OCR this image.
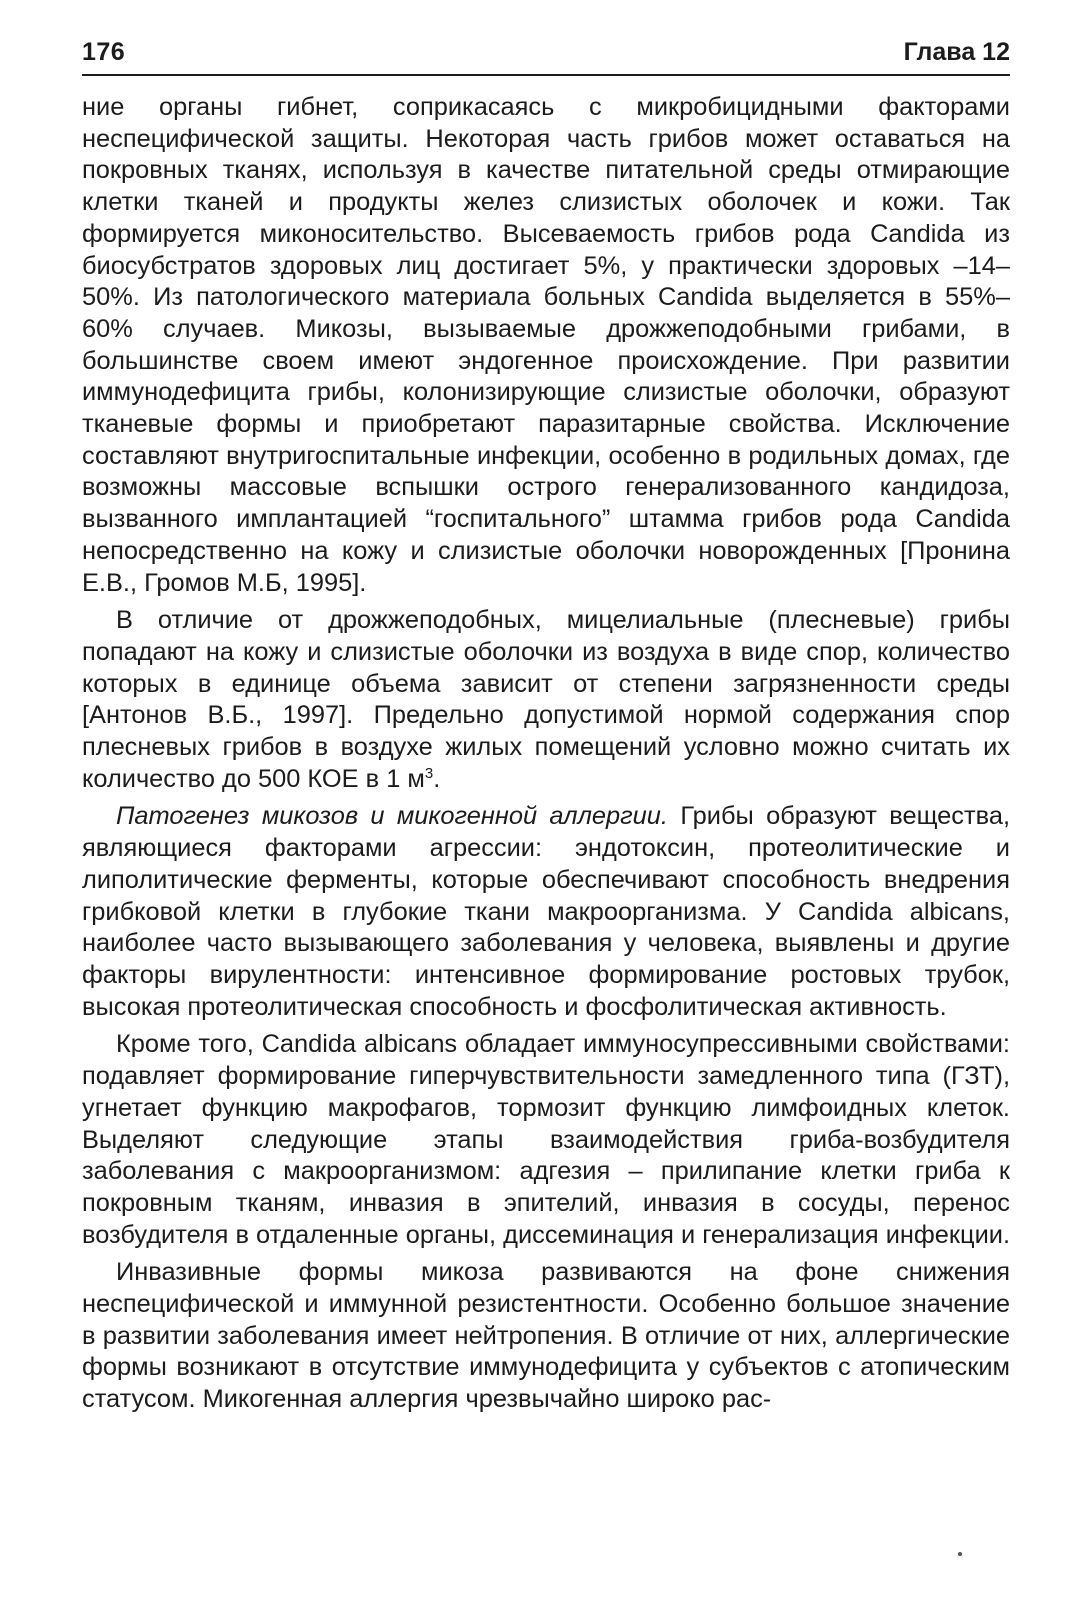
176	Глава 12

ние органы гибнет, соприкасаясь с микробицидными факторами неспецифической защиты. Некоторая часть грибов может оставаться на покровных тканях, используя в качестве питательной среды отмирающие клетки тканей и продукты желез слизистых оболочек и кожи. Так формируется миконосительство. Высеваемость грибов рода Candida из биосубстратов здоровых лиц достигает 5%, у практически здоровых –14–50%. Из патологического материала больных Candida выделяется в 55%–60% случаев. Микозы, вызываемые дрожжеподобными грибами, в большинстве своем имеют эндогенное происхождение. При развитии иммунодефицита грибы, колонизирующие слизистые оболочки, образуют тканевые формы и приобретают паразитарные свойства. Исключение составляют внутригоспитальные инфекции, особенно в родильных домах, где возможны массовые вспышки острого генерализованного кандидоза, вызванного имплантацией “госпитального” штамма грибов рода Candida непосредственно на кожу и слизистые оболочки новорожденных [Пронина Е.В., Громов М.Б, 1995].

В отличие от дрожжеподобных, мицелиальные (плесневые) грибы попадают на кожу и слизистые оболочки из воздуха в виде спор, количество которых в единице объема зависит от степени загрязненности среды [Антонов В.Б., 1997]. Предельно допустимой нормой содержания спор плесневых грибов в воздухе жилых помещений условно можно считать их количество до 500 КОЕ в 1 $м^3$.

Патогенез микозов и микогенной аллергии. Грибы образуют вещества, являющиеся факторами агрессии: эндотоксин, протеолитические и липолитические ферменты, которые обеспечивают способность внедрения грибковой клетки в глубокие ткани макроорганизма. У Candida albicans, наиболее часто вызывающего заболевания у человека, выявлены и другие факторы вирулентности: интенсивное формирование ростовых трубок, высокая протеолитическая способность и фосфолитическая активность.

Кроме того, Candida albicans обладает иммуносупрессивными свойствами: подавляет формирование гиперчувствительности замедленного типа (ГЗТ), угнетает функцию макрофагов, тормозит функцию лимфоидных клеток. Выделяют следующие этапы взаимодействия гриба-возбудителя заболевания с макроорганизмом: адгезия – прилипание клетки гриба к покровным тканям, инвазия в эпителий, инвазия в сосуды, перенос возбудителя в отдаленные органы, диссеминация и генерализация инфекции.

Инвазивные формы микоза развиваются на фоне снижения неспецифической и иммунной резистентности. Особенно большое значение в развитии заболевания имеет нейтропения. В отличие от них, аллергические формы возникают в отсутствие иммунодефицита у субъектов с атопическим статусом. Микогенная аллергия чрезвычайно широко рас-
